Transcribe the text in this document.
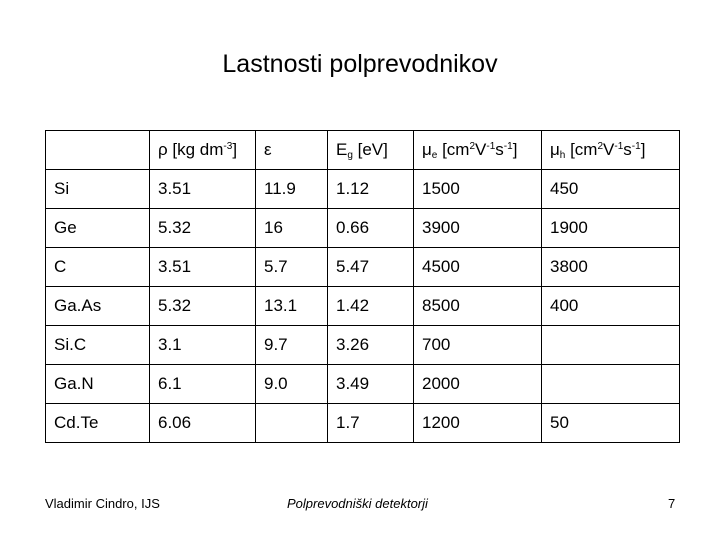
Lastnosti polprevodnikov
	ρ [kg $dm^{-3}$]	ε	$E_g$ [eV]	$\mu_e$ $[cm^2V^{-1}s^{-1}]$	$\mu_h$ $[cm^2V^{-1}s^{-1}]$
Si	3.51	11.9	1.12	1500	450
Ge	5.32	16	0.66	3900	1900
C	3.51	5.7	5.47	4500	3800
Ga.As	5.32	13.1	1.42	8500	400
Si.C	3.1	9.7	3.26	700	
Ga.N	6.1	9.0	3.49	2000	
Cd.Te	6.06		1.7	1200	50
Vladimir Cindro, IJS	Polprevodniški detektorji	7
